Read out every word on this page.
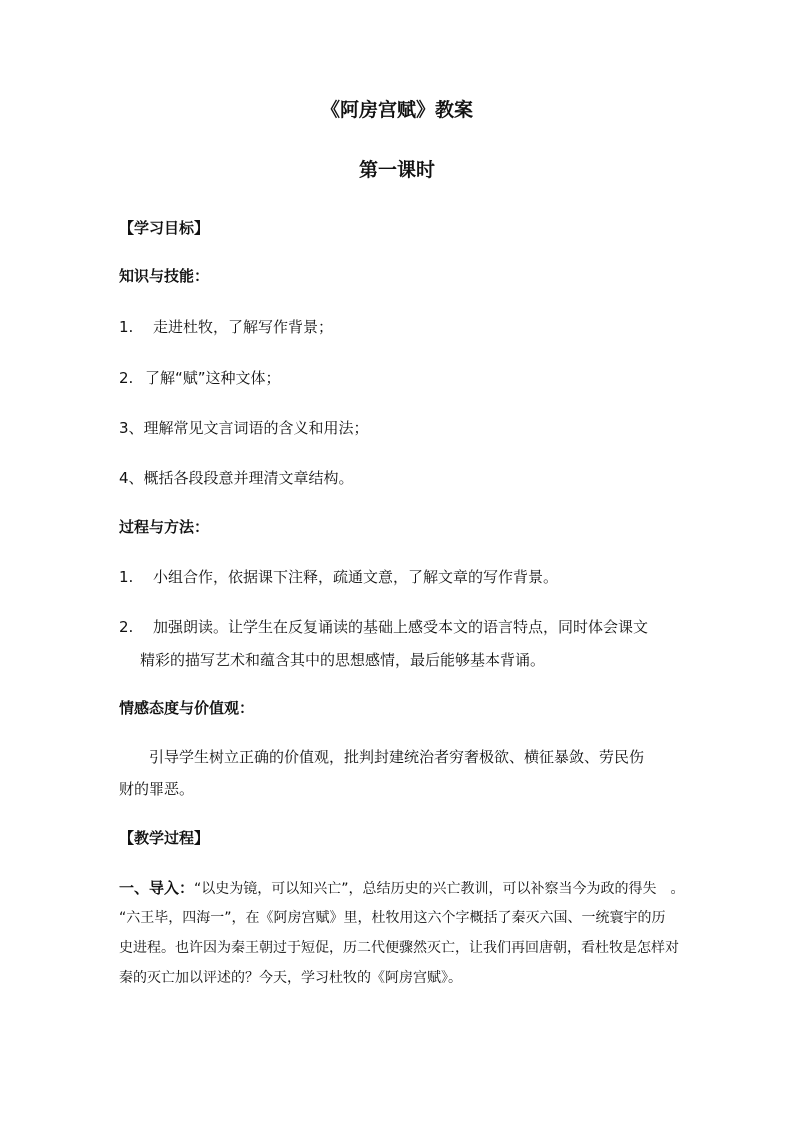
《阿房宫赋》教案
第一课时
【学习目标】
知识与技能：
1. 走进杜牧，了解写作背景；
2. 了解“赋”这种文体；
3、理解常见文言词语的含义和用法；
4、概括各段段意并理清文章结构。
过程与方法：
1. 小组合作，依据课下注释，疏通文意，了解文章的写作背景。
2. 加强朗读。让学生在反复诵读的基础上感受本文的语言特点，同时体会课文
精彩的描写艺术和蕴含其中的思想感情，最后能够基本背诵。
情感态度与价值观：
引导学生树立正确的价值观，批判封建统治者穷奢极欲、横征暴敛、劳民伤
财的罪恶。
【教学过程】
一、导入：“以史为镜，可以知兴亡”，总结历史的兴亡教训，可以补察当今为政的得失　。
“六王毕，四海一”，在《阿房宫赋》里，杜牧用这六个字概括了秦灭六国、一统寰宇的历
史进程。也许因为秦王朝过于短促，历二代便骤然灭亡，让我们再回唐朝，看杜牧是怎样对
秦的灭亡加以评述的？今天，学习杜牧的《阿房宫赋》。
